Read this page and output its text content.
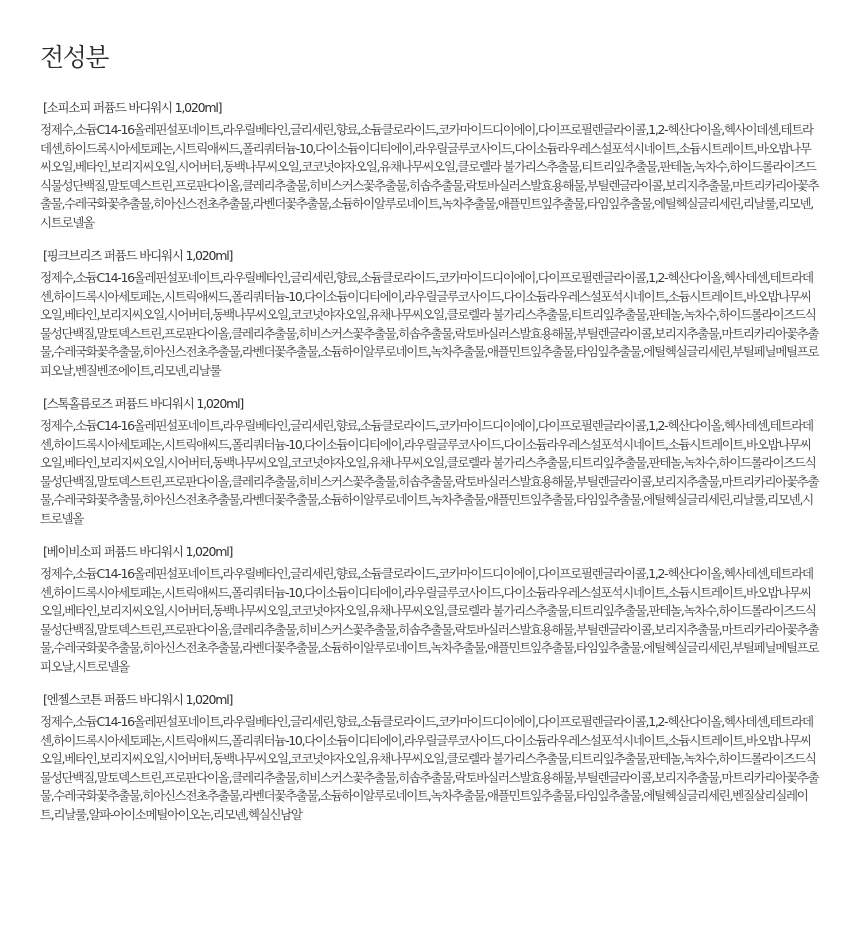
전성분
[소피소피 퍼퓸드 바디워시 1,020ml]

정제수,소듐C14-16올레핀설포네이트,라우릴베타인,글리세린,향료,소듐클로라이드,코카마이드디이에이,다이프로필렌글라이콜,1,2-헥산다이올,헥사이데센,테트라데센,하이드록시아세토페논,시트릭애씨드,폴리쿼터늄-10,다이소듐이디티에이,라우릴글루코사이드,다이소듐라우레스설포석시네이트,소듐시트레이트,바오밥나무씨오일,베타인,보리지씨오일,시어버터,동백나무씨오일,코코넛야자오일,유채나무씨오일,클로렐라 불가리스추출물,티트리잎추출물,판테놀,녹차수,하이드롤라이즈드식물성단백질,말토덱스트린,프로판다이올,클레리추출물,히비스커스꽃추출물,히솝추출물,락토바실러스발효용해물,부틸렌글라이콜,보리지추출물,마트리카리아꽃추출물,수레국화꽃추출물,히아신스전초추출물,라벤더꽃추출물,소듐하이알루로네이트,녹차추출물,애플민트잎추출물,타임잎추출물,에틸헥실글리세린,리날룰,리모넨,시트로넬올

[핑크브리즈 퍼퓸드 바디워시 1,020ml]

정제수,소듐C14-16올레핀설포네이트,라우릴베타인,글리세린,향료,소듐클로라이드,코카마이드디이에이,다이프로필렌글라이콜,1,2-헥산다이올,헥사데센,테트라데센,하이드록시아세토페논,시트릭애씨드,폴리쿼터늄-10,다이소듐이디티에이,라우릴글루코사이드,다이소듐라우레스설포석시네이트,소듐시트레이트,바오밥나무씨오일,베타인,보리지씨오일,시어버터,동백나무씨오일,코코넛야자오일,유채나무씨오일,클로렐라 불가리스추출물,티트리잎추출물,판테놀,녹차수,하이드롤라이즈드식물성단백질,말토덱스트린,프로판다이올,클레리추출물,히비스커스꽃추출물,히솝추출물,락토바실러스발효용해물,부틸렌글라이콜,보리지추출물,마트리카리아꽃추출물,수레국화꽃추출물,히아신스전초추출물,라벤더꽃추출물,소듐하이알루로네이트,녹차추출물,애플민트잎추출물,타임잎추출물,에틸헥실글리세린,부틸페닐메틸프로피오날,벤질벤조에이트,리모넨,리날룰

[스톡홀름로즈 퍼퓸드 바디워시 1,020ml]

정제수,소듐C14-16올레핀설포네이트,라우릴베타인,글리세린,향료,소듐클로라이드,코카마이드디이에이,다이프로필렌글라이콜,1,2-헥산다이올,헥사데센,테트라데센,하이드록시아세토페논,시트릭애씨드,폴리쿼터늄-10,다이소듐이디티에이,라우릴글루코사이드,다이소듐라우레스설포석시네이트,소듐시트레이트,바오밥나무씨오일,베타인,보리지씨오일,시어버터,동백나무씨오일,코코넛야자오일,유채나무씨오일,클로렐라 불가리스추출물,티트리잎추출물,판테놀,녹차수,하이드롤라이즈드식물성단백질,말토덱스트린,프로판다이올,클레리추출물,히비스커스꽃추출물,히솝추출물,락토바실러스발효용해물,부틸렌글라이콜,보리지추출물,마트리카리아꽃추출물,수레국화꽃추출물,히아신스전초추출물,라벤더꽃추출물,소듐하이알루로네이트,녹차추출물,애플민트잎추출물,타임잎추출물,에틸헥실글리세린,리날룰,리모넨,시트로넬올

[베이비소피 퍼퓸드 바디워시 1,020ml]

정제수,소듐C14-16올레핀설포네이트,라우릴베타인,글리세린,향료,소듐클로라이드,코카마이드디이에이,다이프로필렌글라이콜,1,2-헥산다이올,헥사데센,테트라데센,하이드록시아세토페논,시트릭애씨드,폴리쿼터늄-10,다이소듐이디티에이,라우릴글루코사이드,다이소듐라우레스설포석시네이트,소듐시트레이트,바오밥나무씨오일,베타인,보리지씨오일,시어버터,동백나무씨오일,코코넛야자오일,유채나무씨오일,클로렐라 불가리스추출물,티트리잎추출물,판테놀,녹차수,하이드롤라이즈드식물성단백질,말토덱스트린,프로판다이올,클레리추출물,히비스커스꽃추출물,히솝추출물,락토바실러스발효용해물,부틸렌글라이콜,보리지추출물,마트리카리아꽃추출물,수레국화꽃추출물,히아신스전초추출물,라벤더꽃추출물,소듐하이알루로네이트,녹차추출물,애플민트잎추출물,타임잎추출물,에틸헥실글리세린,부틸페닐메틸프로피오날,시트로넬올

[엔젤스코튼 퍼퓸드 바디워시 1,020ml]

정제수,소듐C14-16올레핀설포네이트,라우릴베타인,글리세린,향료,소듐클로라이드,코카마이드디이에이,다이프로필렌글라이콜,1,2-헥산다이올,헥사데센,테트라데센,하이드록시아세토페논,시트릭애씨드,폴리쿼터늄-10,다이소듐이디티에이,라우릴글루코사이드,다이소듐라우레스설포석시네이트,소듐시트레이트,바오밥나무씨오일,베타인,보리지씨오일,시어버터,동백나무씨오일,코코넛야자오일,유채나무씨오일,클로렐라 불가리스추출물,티트리잎추출물,판테놀,녹차수,하이드롤라이즈드식물성단백질,말토덱스트린,프로판다이올,클레리추출물,히비스커스꽃추출물,히솝추출물,락토바실러스발효용해물,부틸렌글라이콜,보리지추출물,마트리카리아꽃추출물,수레국화꽃추출물,히아신스전초추출물,라벤더꽃추출물,소듐하이알루로네이트,녹차추출물,애플민트잎추출물,타임잎추출물,에틸헥실글리세린,벤질살리실레이트,리날룰,알파-아이소메틸아이오논,리모넨,헥실신남알
